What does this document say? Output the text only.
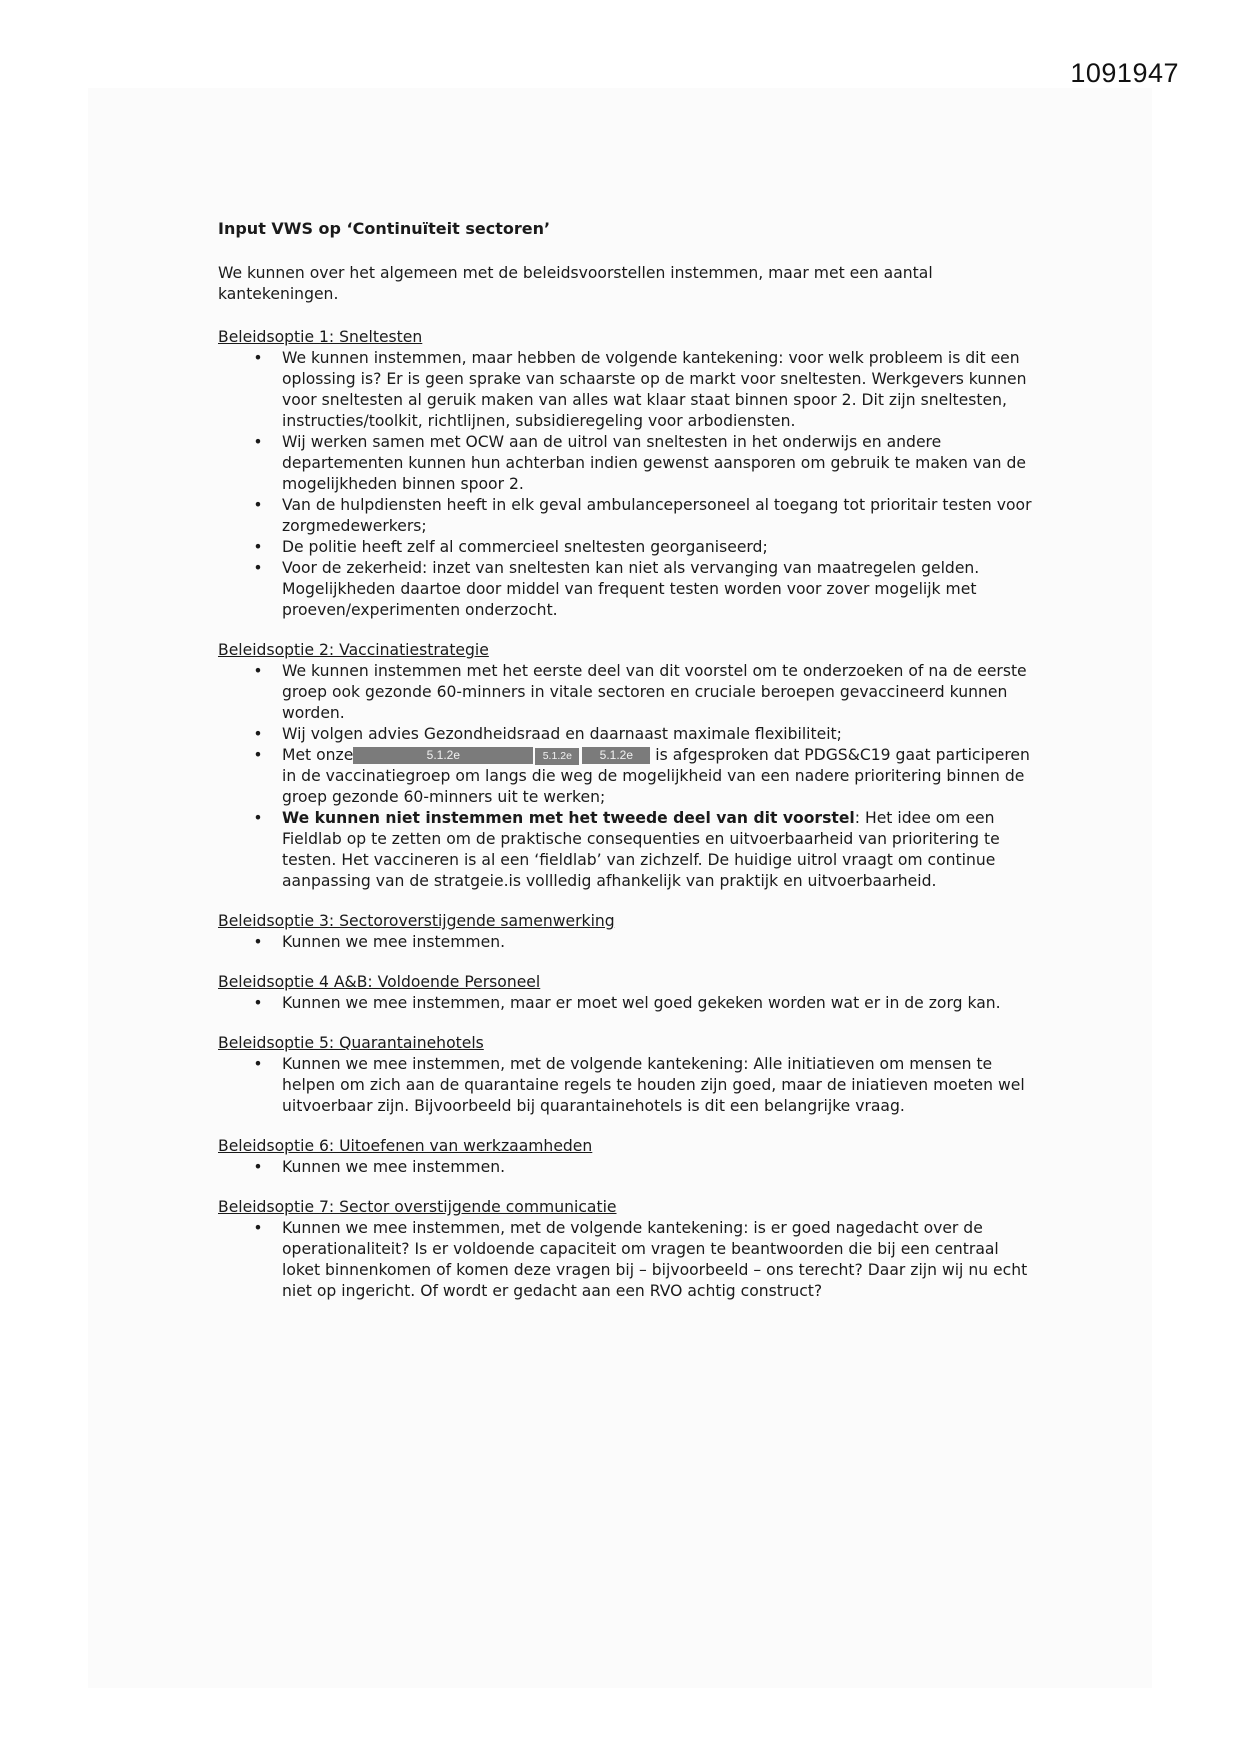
1091947

Input VWS op ‘Continuïteit sectoren’

We kunnen over het algemeen met de beleidsvoorstellen instemmen, maar met een aantal kantekeningen.

Beleidsoptie 1: Sneltesten

• We kunnen instemmen, maar hebben de volgende kantekening: voor welk probleem is dit een oplossing is? Er is geen sprake van schaarste op de markt voor sneltesten. Werkgevers kunnen voor sneltesten al geruik maken van alles wat klaar staat binnen spoor 2. Dit zijn sneltesten, instructies/toolkit, richtlijnen, subsidieregeling voor arbodiensten.
• Wij werken samen met OCW aan de uitrol van sneltesten in het onderwijs en andere departementen kunnen hun achterban indien gewenst aansporen om gebruik te maken van de mogelijkheden binnen spoor 2.
• Van de hulpdiensten heeft in elk geval ambulancepersoneel al toegang tot prioritair testen voor zorgmedewerkers;
• De politie heeft zelf al commercieel sneltesten georganiseerd;
• Voor de zekerheid: inzet van sneltesten kan niet als vervanging van maatregelen gelden. Mogelijkheden daartoe door middel van frequent testen worden voor zover mogelijk met proeven/experimenten onderzocht.

Beleidsoptie 2: Vaccinatiestrategie

• We kunnen instemmen met het eerste deel van dit voorstel om te onderzoeken of na de eerste groep ook gezonde 60-minners in vitale sectoren en cruciale beroepen gevaccineerd kunnen worden.
• Wij volgen advies Gezondheidsraad en daarnaast maximale flexibiliteit;
• Met onze	5.1.2e	5.1.2e 5.1.2e is afgesproken dat PDGS&C19 gaat participeren in de vaccinatiegroep om langs die weg de mogelijkheid van een nadere prioritering binnen de groep gezonde 60-minners uit te werken;
• We kunnen niet instemmen met het tweede deel van dit voorstel: Het idee om een Fieldlab op te zetten om de praktische consequenties en uitvoerbaarheid van prioritering te testen. Het vaccineren is al een ‘fieldlab’ van zichzelf. De huidige uitrol vraagt om continue aanpassing van de stratgeie.is vollledig afhankelijk van praktijk en uitvoerbaarheid.

Beleidsoptie 3: Sectoroverstijgende samenwerking

• Kunnen we mee instemmen.

Beleidsoptie 4 A&B: Voldoende Personeel

• Kunnen we mee instemmen, maar er moet wel goed gekeken worden wat er in de zorg kan.

Beleidsoptie 5: Quarantainehotels

• Kunnen we mee instemmen, met de volgende kantekening: Alle initiatieven om mensen te helpen om zich aan de quarantaine regels te houden zijn goed, maar de iniatieven moeten wel uitvoerbaar zijn. Bijvoorbeeld bij quarantainehotels is dit een belangrijke vraag.

Beleidsoptie 6: Uitoefenen van werkzaamheden

• Kunnen we mee instemmen.

Beleidsoptie 7: Sector overstijgende communicatie

• Kunnen we mee instemmen, met de volgende kantekening: is er goed nagedacht over de operationaliteit? Is er voldoende capaciteit om vragen te beantwoorden die bij een centraal loket binnenkomen of komen deze vragen bij – bijvoorbeeld – ons terecht? Daar zijn wij nu echt niet op ingericht. Of wordt er gedacht aan een RVO achtig construct?
